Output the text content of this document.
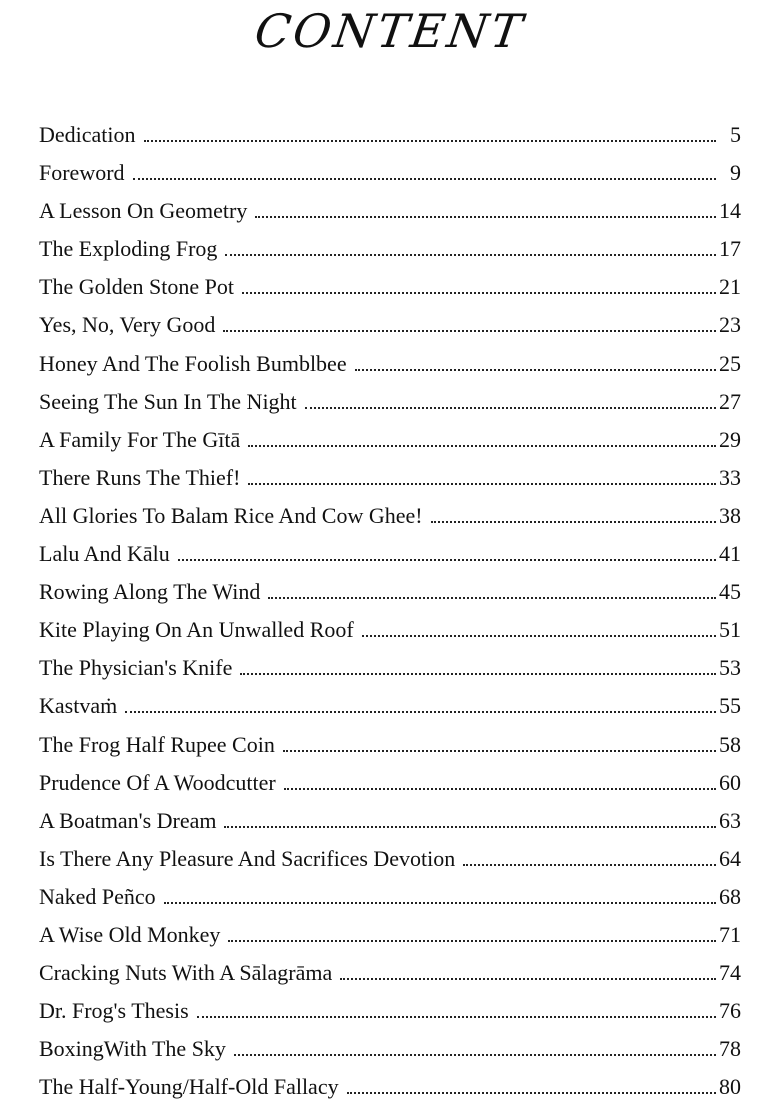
CONTENT
Dedication	5
Foreword	9
A Lesson On Geometry	14
The Exploding Frog	17
The Golden Stone Pot	21
Yes, No, Very Good	23
Honey And The Foolish Bumblbee	25
Seeing The Sun In The Night	27
A Family For The Gītā	29
There Runs The Thief!	33
All Glories To Balam Rice And Cow Ghee!	38
Lalu And Kālu	41
Rowing Along The Wind	45
Kite Playing On An Unwalled Roof	51
The Physician's Knife	53
Kastvaṁ	55
The Frog Half Rupee Coin	58
Prudence Of A Woodcutter	60
A Boatman's Dream	63
Is There Any Pleasure And Sacrifices Devotion	64
Naked Peñco	68
A Wise Old Monkey	71
Cracking Nuts With A Sālagrāma	74
Dr. Frog's Thesis	76
BoxingWith The Sky	78
The Half-Young/Half-Old Fallacy	80
